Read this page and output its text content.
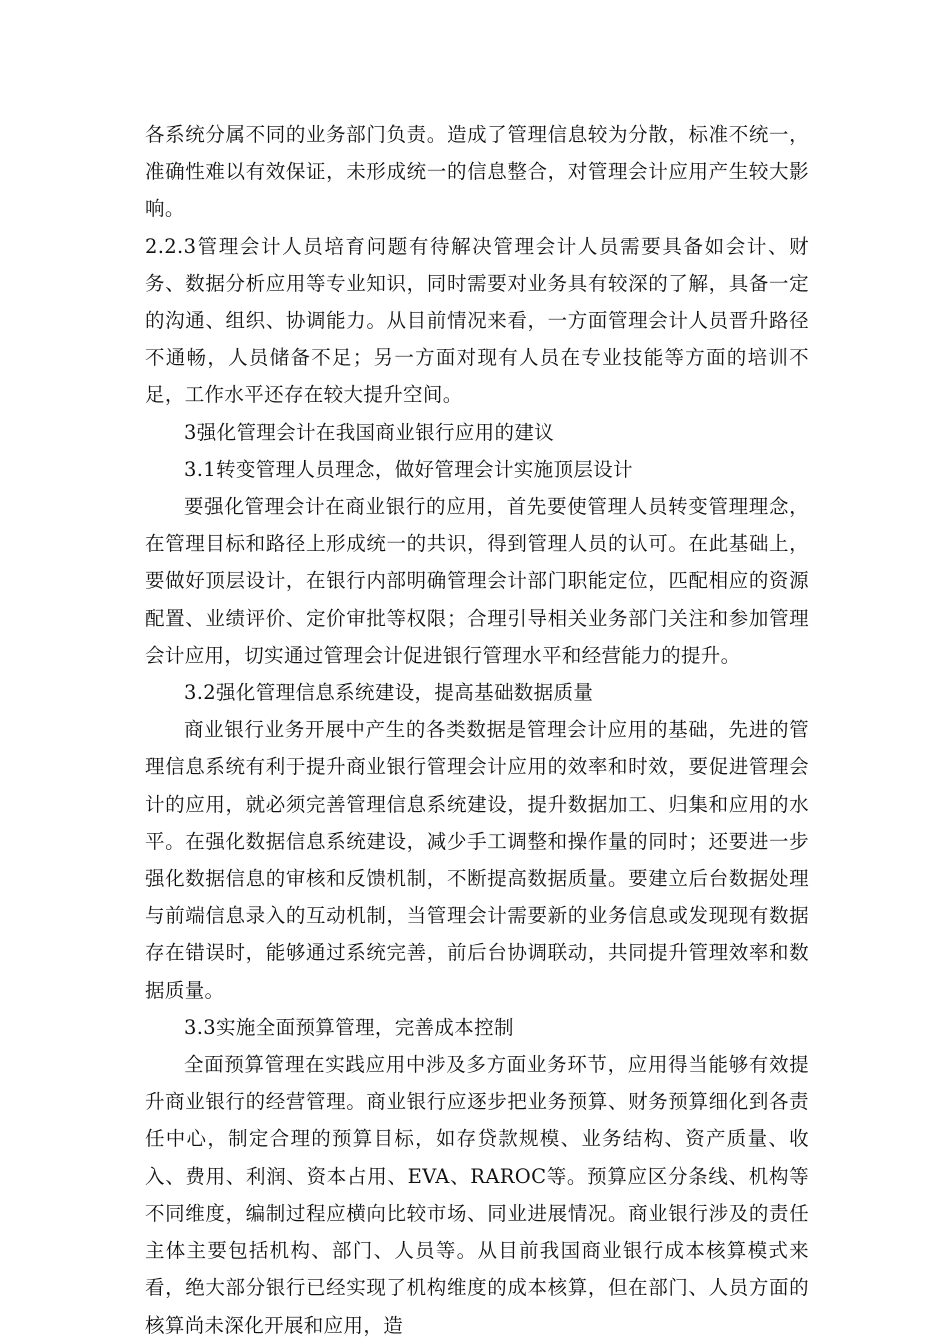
各系统分属不同的业务部门负责。造成了管理信息较为分散，标准不统一，准确性难以有效保证，未形成统一的信息整合，对管理会计应用产生较大影响。

2.2.3管理会计人员培育问题有待解决管理会计人员需要具备如会计、财务、数据分析应用等专业知识，同时需要对业务具有较深的了解，具备一定的沟通、组织、协调能力。从目前情况来看，一方面管理会计人员晋升路径不通畅，人员储备不足；另一方面对现有人员在专业技能等方面的培训不足，工作水平还存在较大提升空间。

3强化管理会计在我国商业银行应用的建议

3.1转变管理人员理念，做好管理会计实施顶层设计

要强化管理会计在商业银行的应用，首先要使管理人员转变管理理念，在管理目标和路径上形成统一的共识，得到管理人员的认可。在此基础上，要做好顶层设计，在银行内部明确管理会计部门职能定位，匹配相应的资源配置、业绩评价、定价审批等权限；合理引导相关业务部门关注和参加管理会计应用，切实通过管理会计促进银行管理水平和经营能力的提升。

3.2强化管理信息系统建设，提高基础数据质量

商业银行业务开展中产生的各类数据是管理会计应用的基础，先进的管理信息系统有利于提升商业银行管理会计应用的效率和时效，要促进管理会计的应用，就必须完善管理信息系统建设，提升数据加工、归集和应用的水平。在强化数据信息系统建设，减少手工调整和操作量的同时；还要进一步强化数据信息的审核和反馈机制，不断提高数据质量。要建立后台数据处理与前端信息录入的互动机制，当管理会计需要新的业务信息或发现现有数据存在错误时，能够通过系统完善，前后台协调联动，共同提升管理效率和数据质量。

3.3实施全面预算管理，完善成本控制

全面预算管理在实践应用中涉及多方面业务环节，应用得当能够有效提升商业银行的经营管理。商业银行应逐步把业务预算、财务预算细化到各责任中心，制定合理的预算目标，如存贷款规模、业务结构、资产质量、收入、费用、利润、资本占用、EVA、RAROC等。预算应区分条线、机构等不同维度，编制过程应横向比较市场、同业进展情况。商业银行涉及的责任主体主要包括机构、部门、人员等。从目前我国商业银行成本核算模式来看，绝大部分银行已经实现了机构维度的成本核算，但在部门、人员方面的核算尚未深化开展和应用，造
